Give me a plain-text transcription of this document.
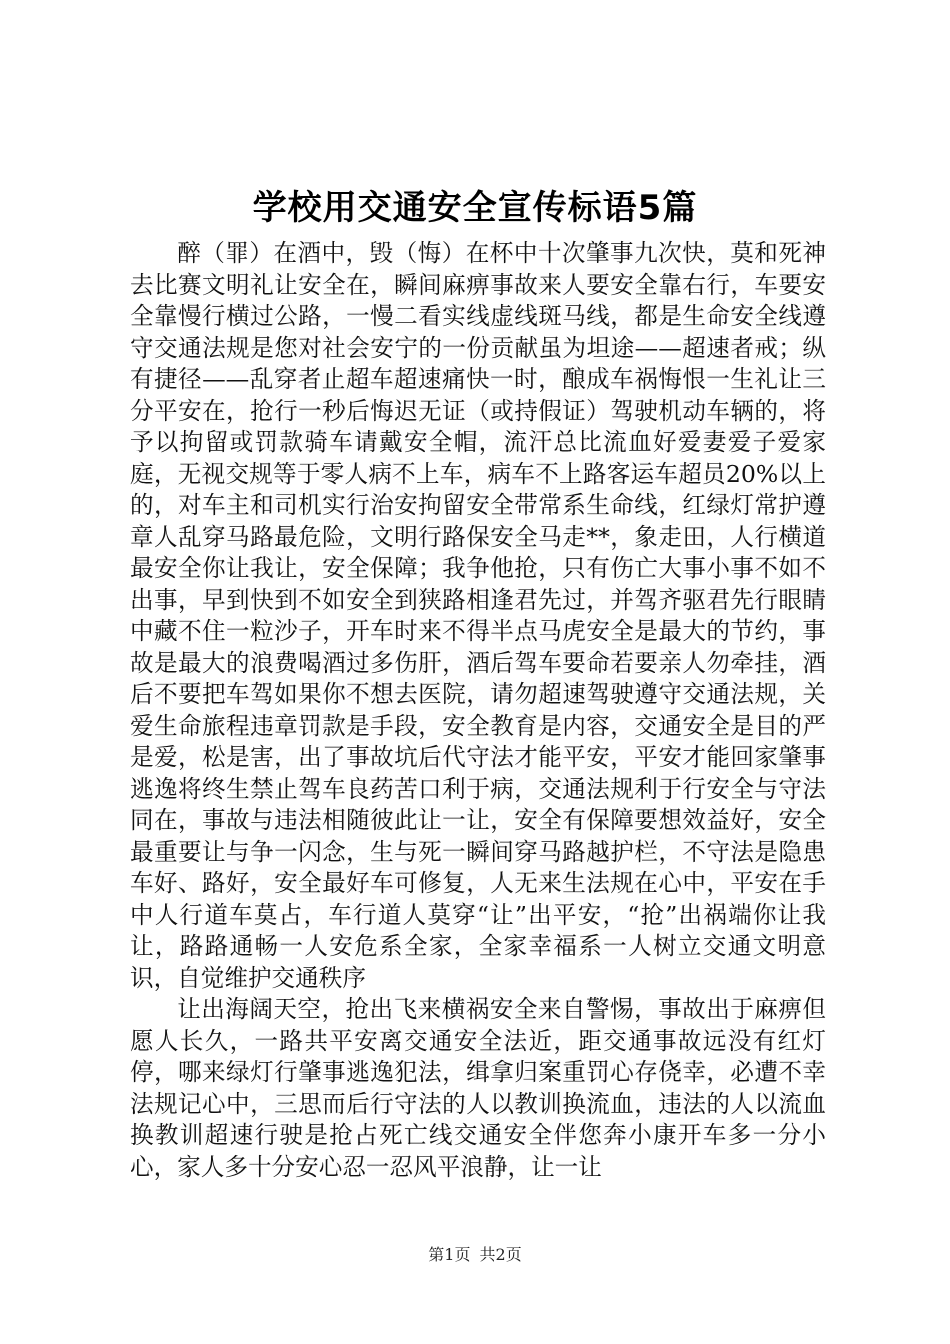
学校用交通安全宣传标语5篇

醉（罪）在酒中，毁（悔）在杯中十次肇事九次快，莫和死神去比赛文明礼让安全在，瞬间麻痹事故来人要安全靠右行，车要安全靠慢行横过公路，一慢二看实线虚线斑马线，都是生命安全线遵守交通法规是您对社会安宁的一份贡献虽为坦途——超速者戒；纵有捷径——乱穿者止超车超速痛快一时，酿成车祸悔恨一生礼让三分平安在，抢行一秒后悔迟无证（或持假证）驾驶机动车辆的，将予以拘留或罚款骑车请戴安全帽，流汗总比流血好爱妻爱子爱家庭，无视交规等于零人病不上车，病车不上路客运车超员20%以上的，对车主和司机实行治安拘留安全带常系生命线，红绿灯常护遵章人乱穿马路最危险，文明行路保安全马走**，象走田，人行横道最安全你让我让，安全保障；我争他抢，只有伤亡大事小事不如不出事，早到快到不如安全到狭路相逢君先过，并驾齐驱君先行眼睛中藏不住一粒沙子，开车时来不得半点马虎安全是最大的节约，事故是最大的浪费喝酒过多伤肝，酒后驾车要命若要亲人勿牵挂，酒后不要把车驾如果你不想去医院，请勿超速驾驶遵守交通法规，关爱生命旅程违章罚款是手段，安全教育是内容，交通安全是目的严是爱，松是害，出了事故坑后代守法才能平安，平安才能回家肇事逃逸将终生禁止驾车良药苦口利于病，交通法规利于行安全与守法同在，事故与违法相随彼此让一让，安全有保障要想效益好，安全最重要让与争一闪念，生与死一瞬间穿马路越护栏，不守法是隐患车好、路好，安全最好车可修复，人无来生法规在心中，平安在手中人行道车莫占，车行道人莫穿“让”出平安，“抢”出祸端你让我让，路路通畅一人安危系全家，全家幸福系一人树立交通文明意识，自觉维护交通秩序

让出海阔天空，抢出飞来横祸安全来自警惕，事故出于麻痹但愿人长久，一路共平安离交通安全法近，距交通事故远没有红灯停，哪来绿灯行肇事逃逸犯法，缉拿归案重罚心存侥幸，必遭不幸法规记心中，三思而后行守法的人以教训换流血，违法的人以流血换教训超速行驶是抢占死亡线交通安全伴您奔小康开车多一分小心，家人多十分安心忍一忍风平浪静，让一让

第1页 共2页
